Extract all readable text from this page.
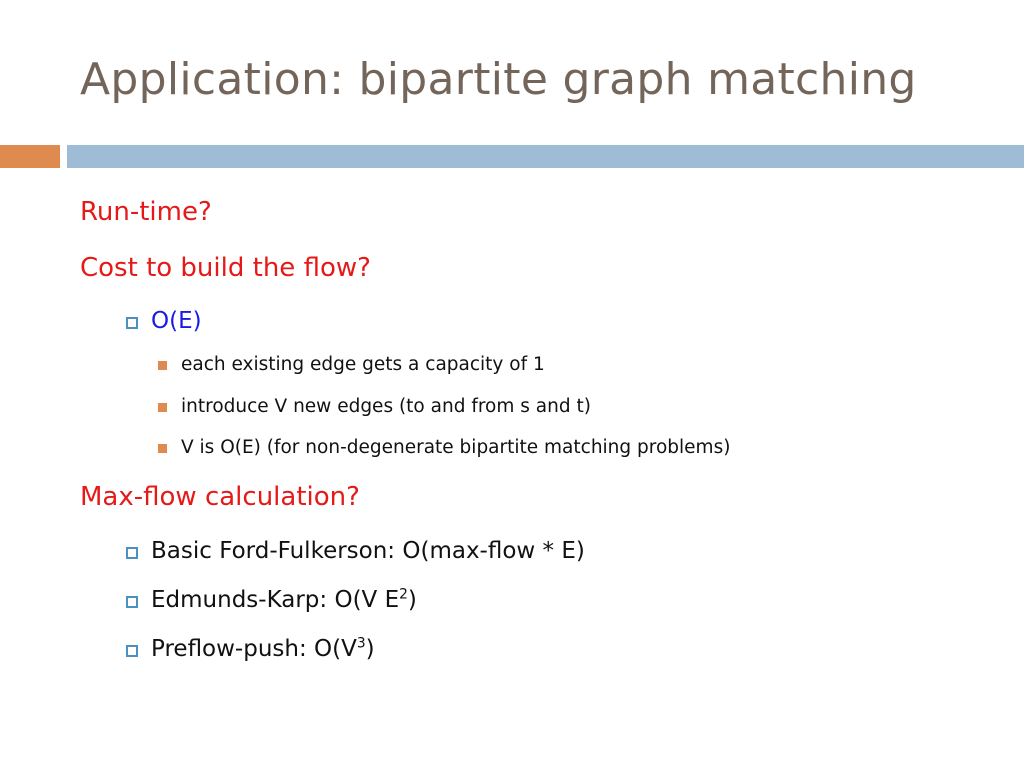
Application: bipartite graph matching
Run-time?
Cost to build the flow?
O(E)
each existing edge gets a capacity of 1
introduce V new edges (to and from s and t)
V is O(E) (for non-degenerate bipartite matching problems)
Max-flow calculation?
Basic Ford-Fulkerson: O(max-flow * E)
Edmunds-Karp: O(V $E^2$)
Preflow-push: $O(V^3)$
